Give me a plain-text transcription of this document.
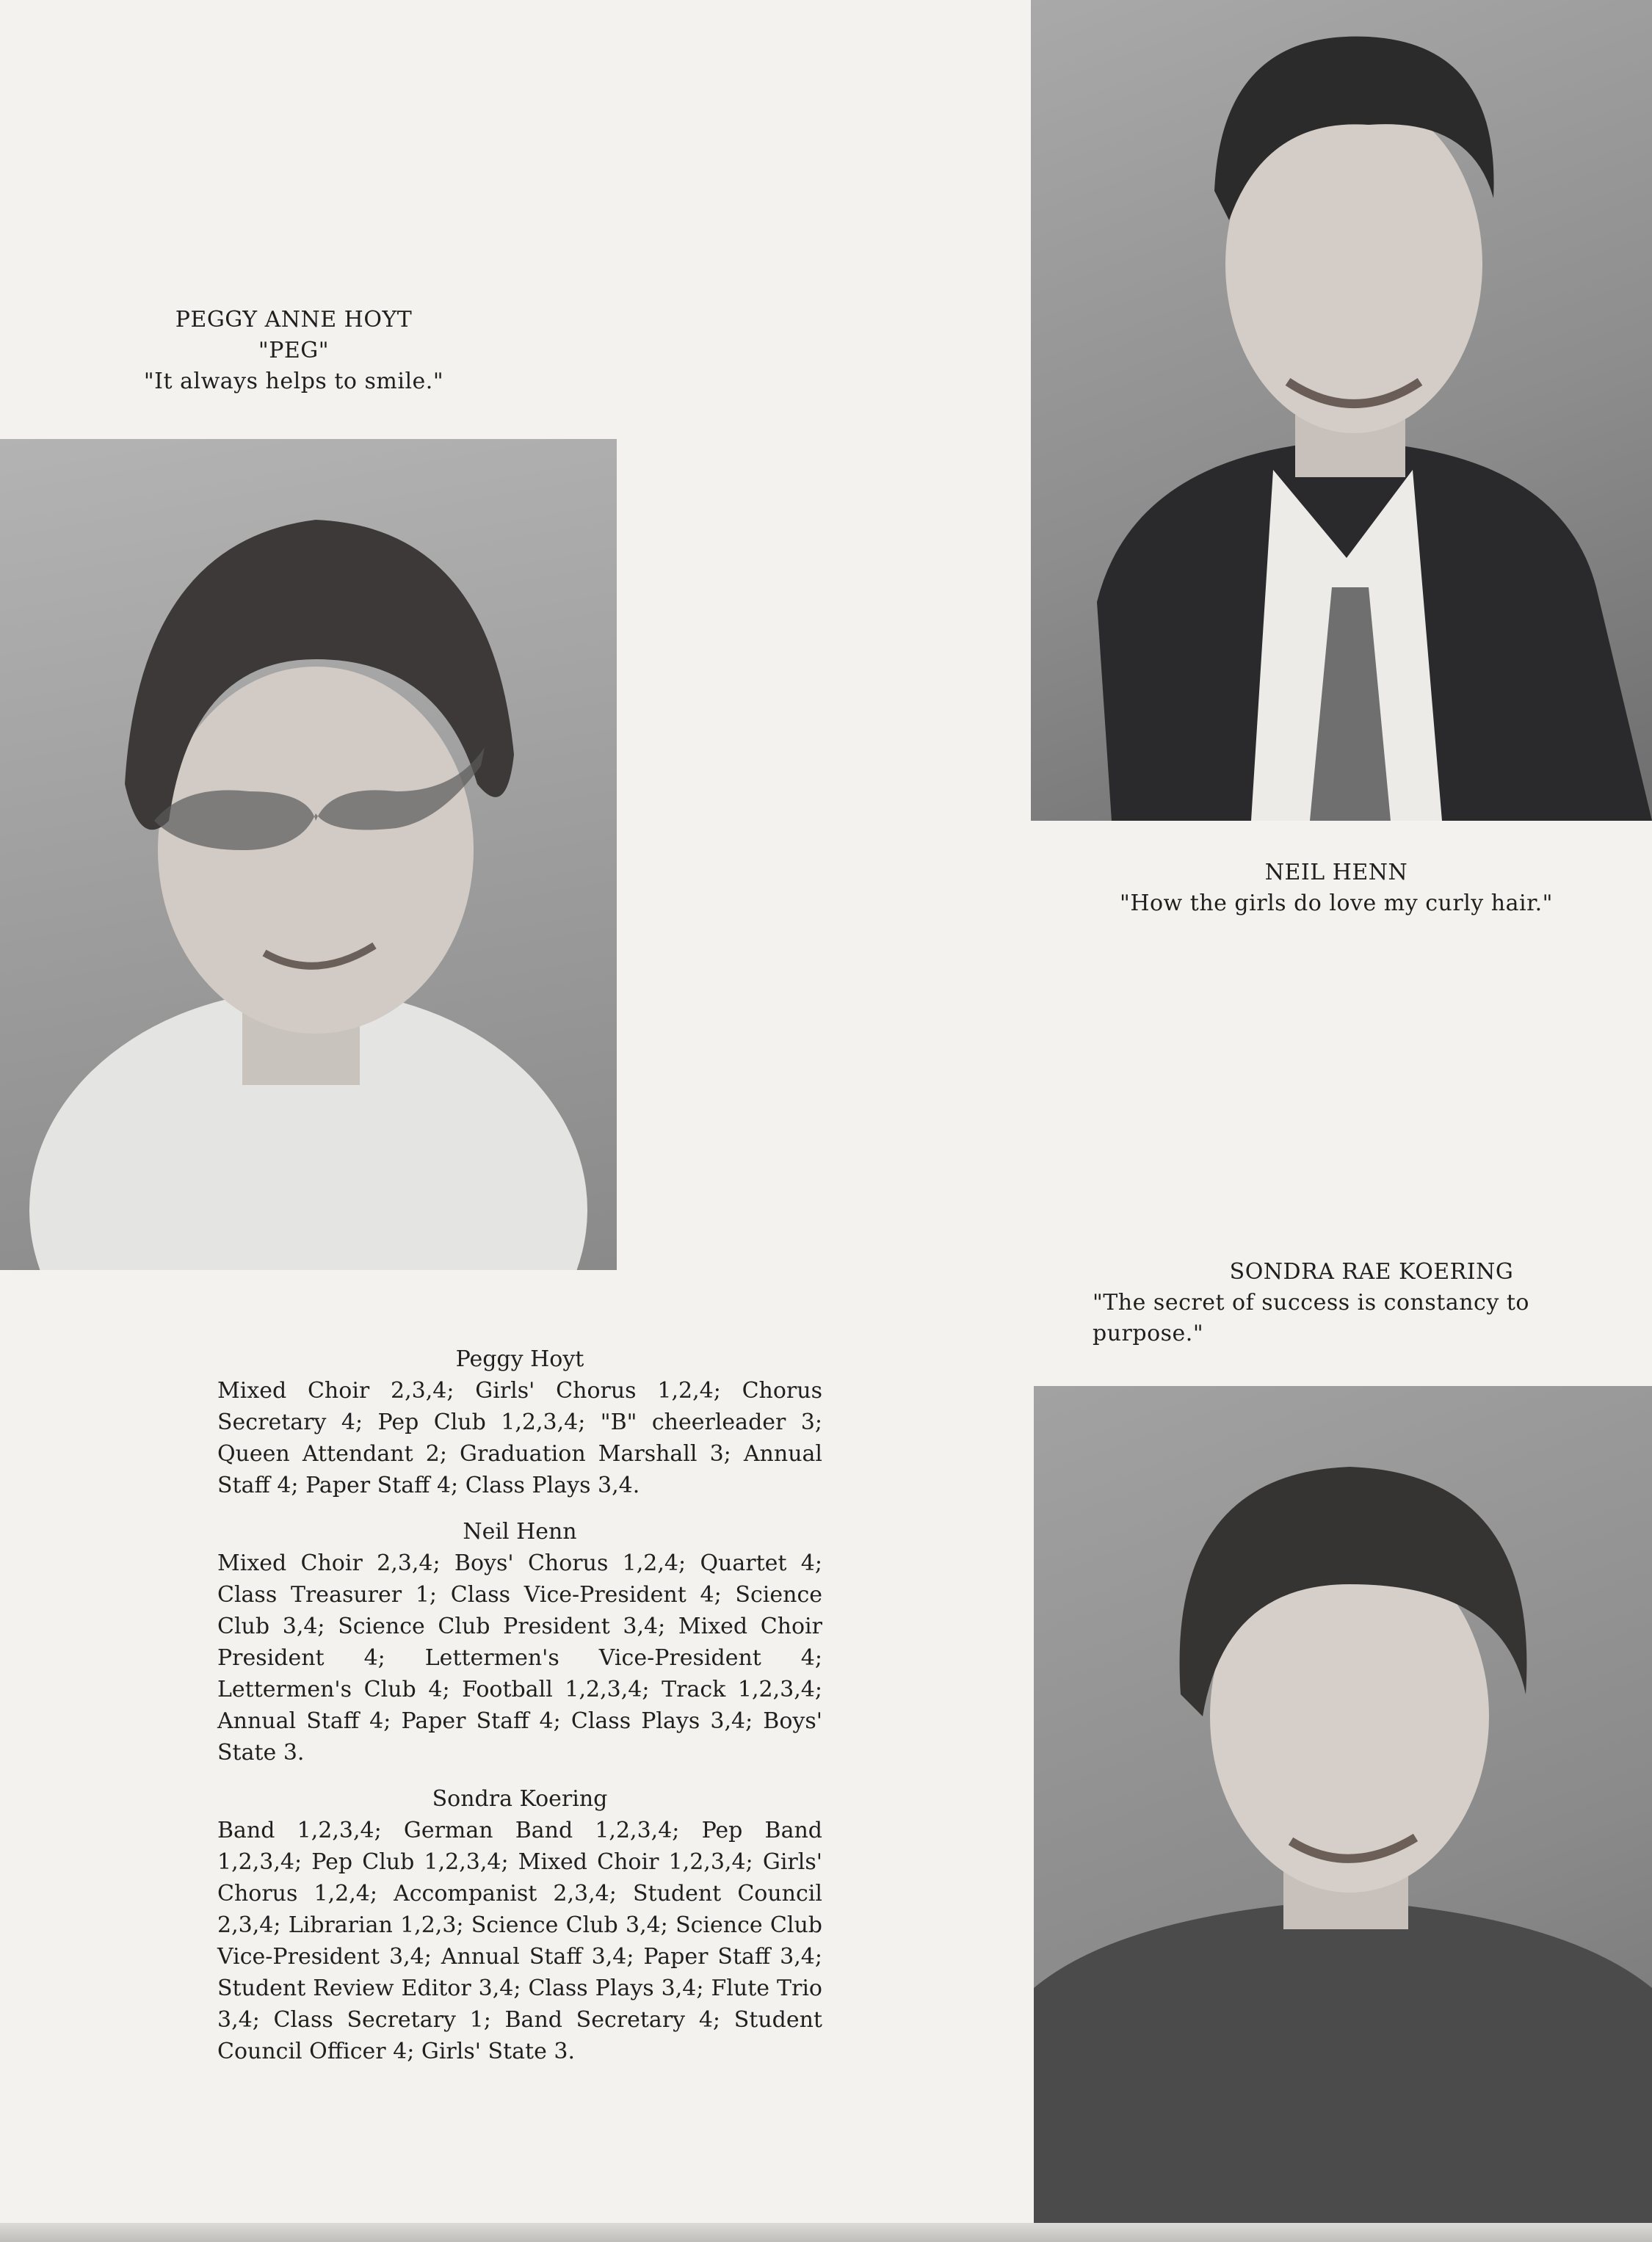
PEGGY ANNE HOYT
"PEG"
"It always helps to smile."
NEIL HENN
"How the girls do love my curly hair."
SONDRA RAE KOERING
"The secret of success is constancy to
purpose."
Peggy Hoyt
Mixed Choir 2,3,4; Girls' Chorus 1,2,4; Chorus Secretary 4; Pep Club 1,2,3,4; "B" cheerleader 3; Queen Attendant 2; Graduation Marshall 3; Annual Staff 4; Paper Staff 4; Class Plays 3,4.
Neil Henn
Mixed Choir 2,3,4; Boys' Chorus 1,2,4; Quartet 4; Class Treasurer 1; Class Vice-President 4; Science Club 3,4; Science Club President 3,4; Mixed Choir President 4; Lettermen's Vice-President 4; Lettermen's Club 4; Football 1,2,3,4; Track 1,2,3,4; Annual Staff 4; Paper Staff 4; Class Plays 3,4; Boys' State 3.
Sondra Koering
Band 1,2,3,4; German Band 1,2,3,4; Pep Band 1,2,3,4; Pep Club 1,2,3,4; Mixed Choir 1,2,3,4; Girls' Chorus 1,2,4; Accompanist 2,3,4; Student Council 2,3,4; Librarian 1,2,3; Science Club 3,4; Science Club Vice-President 3,4; Annual Staff 3,4; Paper Staff 3,4; Student Review Editor 3,4; Class Plays 3,4; Flute Trio 3,4; Class Secretary 1; Band Secretary 4; Student Council Officer 4; Girls' State 3.
